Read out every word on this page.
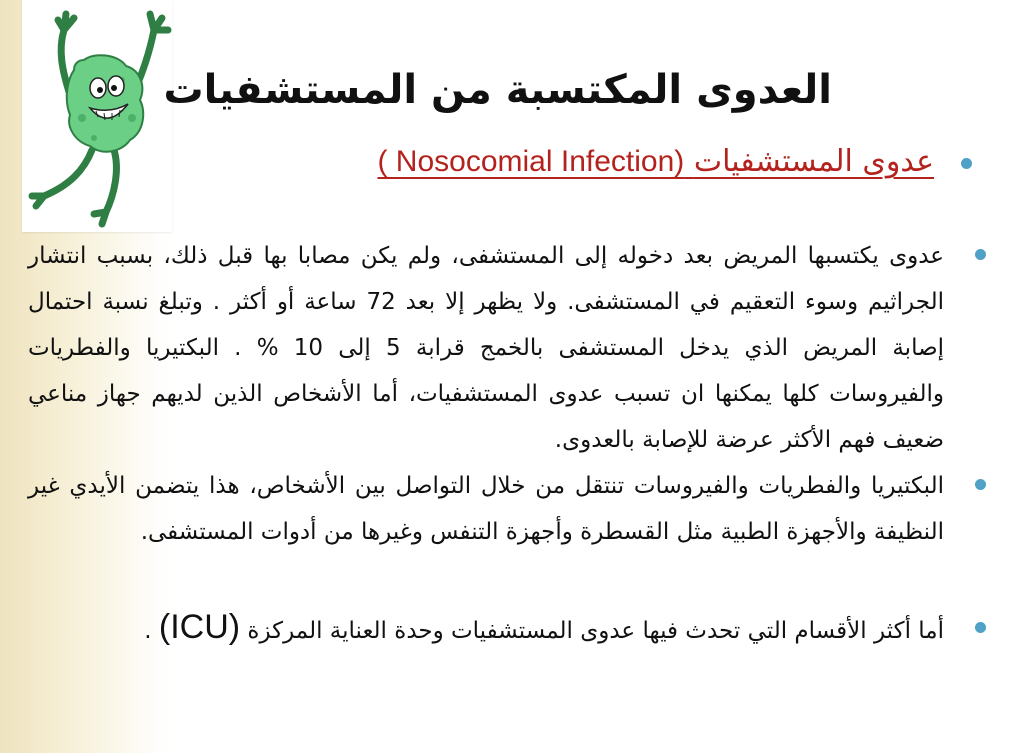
العدوى المكتسبة من المستشفيات
عدوى المستشفيات ( Nosocomial Infection)
عدوى يكتسبها المريض بعد دخوله إلى المستشفى، ولم يكن مصابا بها قبل ذلك، بسبب انتشار الجراثيم وسوء التعقيم في المستشفى. ولا يظهر إلا بعد 72 ساعة أو أكثر . وتبلغ نسبة احتمال إصابة المريض الذي يدخل المستشفى بالخمج قرابة 5 إلى 10 % . البكتيريا والفطريات والفيروسات كلها يمكنها ان تسبب عدوى المستشفيات، أما الأشخاص الذين لديهم جهاز مناعي ضعيف فهم الأكثر عرضة للإصابة بالعدوى.
البكتيريا والفطريات والفيروسات تنتقل من خلال التواصل بين الأشخاص، هذا يتضمن الأيدي غير النظيفة والأجهزة الطبية مثل القسطرة وأجهزة التنفس وغيرها من أدوات المستشفى.
أما أكثر الأقسام التي تحدث فيها عدوى المستشفيات وحدة العناية المركزة (ICU) .
